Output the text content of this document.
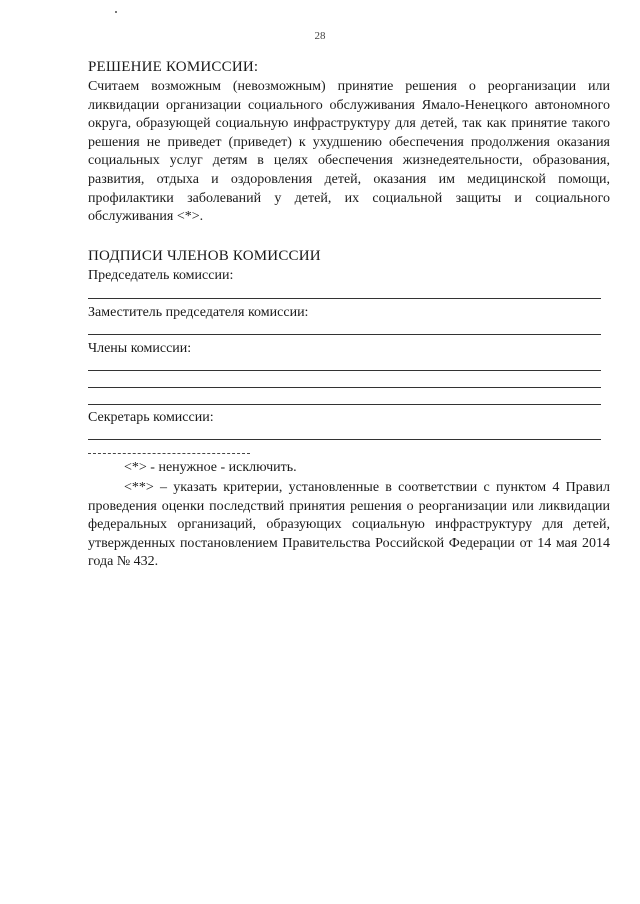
28
РЕШЕНИЕ КОМИССИИ:
Считаем возможным (невозможным) принятие решения о реорганизации или ликвидации организации социального обслуживания Ямало-Ненецкого автономного округа, образующей социальную инфраструктуру для детей, так как принятие такого решения не приведет (приведет) к ухудшению обеспечения продолжения оказания социальных услуг детям в целях обеспечения жизнедеятельности, образования, развития, отдыха и оздоровления детей, оказания им медицинской помощи, профилактики заболеваний у детей, их социальной защиты и социального обслуживания <*>.
ПОДПИСИ ЧЛЕНОВ КОМИССИИ
Председатель комиссии:
Заместитель председателя комиссии:
Члены комиссии:
Секретарь комиссии:
<*> - ненужное - исключить.
<**> – указать критерии, установленные в соответствии с пунктом 4 Правил проведения оценки последствий принятия решения о реорганизации или ликвидации федеральных организаций, образующих социальную инфраструктуру для детей, утвержденных постановлением Правительства Российской Федерации от 14 мая 2014 года № 432.
